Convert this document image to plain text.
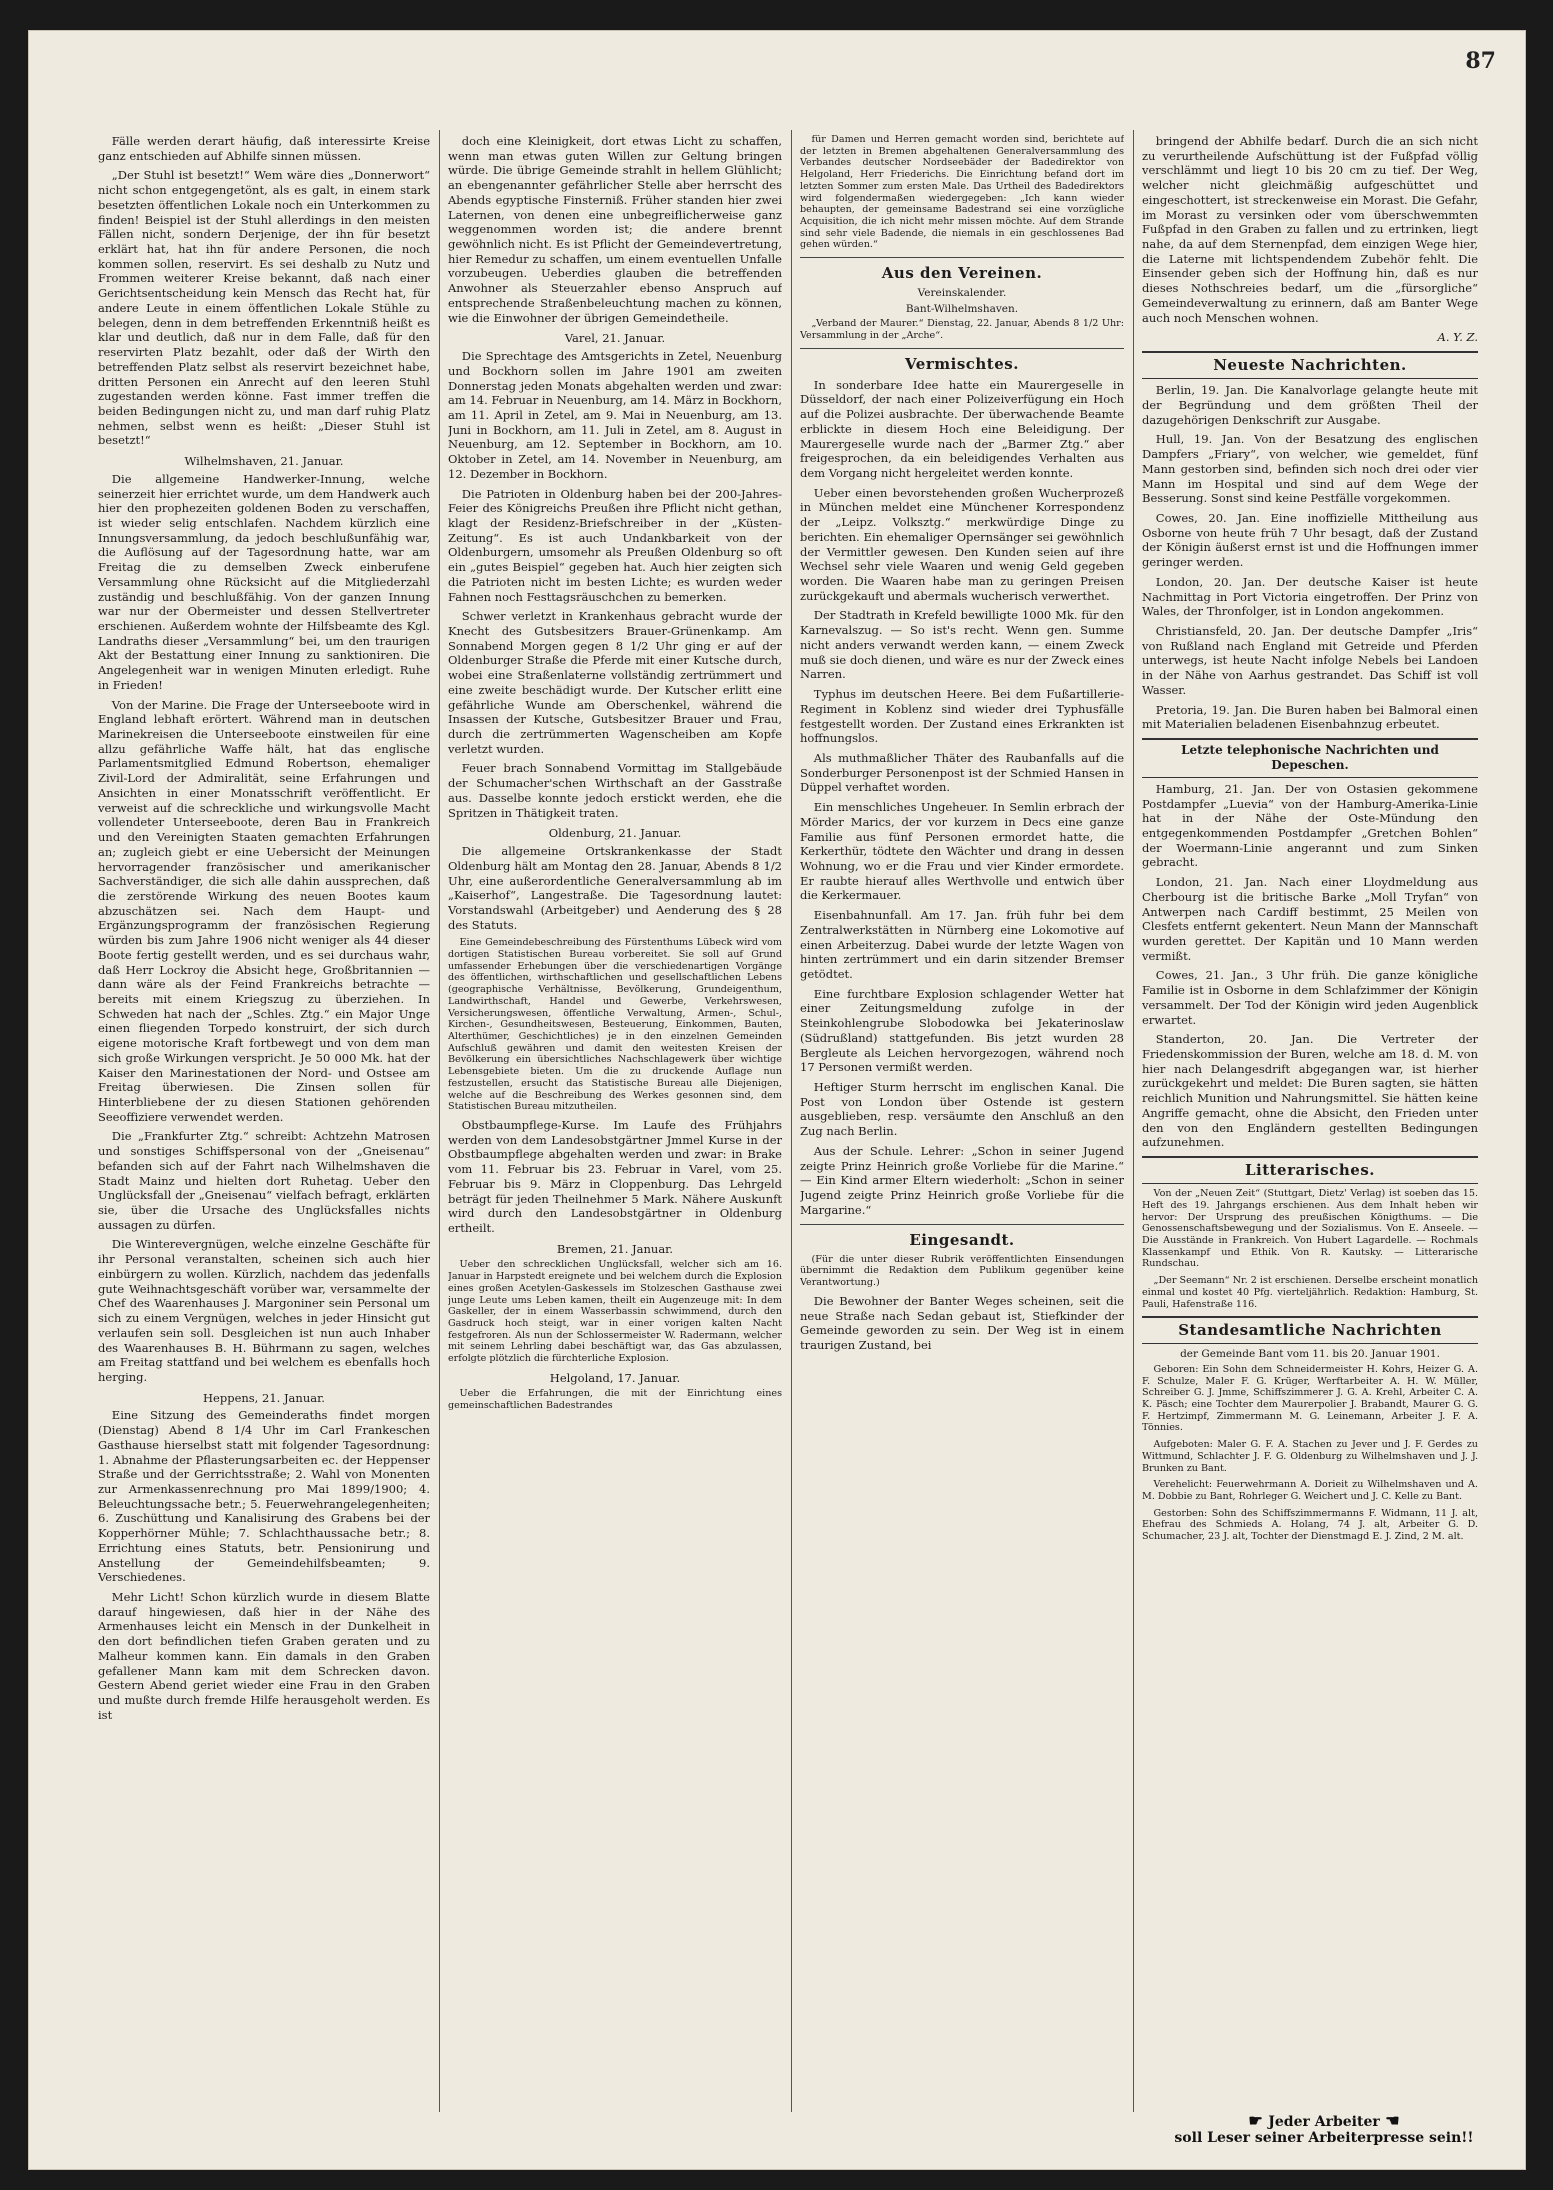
87

Fälle werden derart häufig, daß interessirte Kreise ganz entschieden auf Abhilfe sinnen müssen.

„Der Stuhl ist besetzt!“ Wem wäre dies „Donnerwort“ nicht schon entgegengetönt, als es galt, in einem stark besetzten öffentlichen Lokale noch ein Unterkommen zu finden! Beispiel ist der Stuhl allerdings in den meisten Fällen nicht, sondern Derjenige, der ihn für besetzt erklärt hat, hat ihn für andere Personen, die noch kommen sollen, reservirt. Es sei deshalb zu Nutz und Frommen weiterer Kreise bekannt, daß nach einer Gerichtsentscheidung kein Mensch das Recht hat, für andere Leute in einem öffentlichen Lokale Stühle zu belegen, denn in dem betreffenden Erkenntniß heißt es klar und deutlich, daß nur in dem Falle, daß für den reservirten Platz bezahlt, oder daß der Wirth den betreffenden Platz selbst als reservirt bezeichnet habe, dritten Personen ein Anrecht auf den leeren Stuhl zugestanden werden könne. Fast immer treffen die beiden Bedingungen nicht zu, und man darf ruhig Platz nehmen, selbst wenn es heißt: „Dieser Stuhl ist besetzt!“

Wilhelmshaven, 21. Januar.

Die allgemeine Handwerker-Innung, welche seinerzeit hier errichtet wurde, um dem Handwerk auch hier den prophezeiten goldenen Boden zu verschaffen, ist wieder selig entschlafen. Nachdem kürzlich eine Innungsversammlung, da jedoch beschlußunfähig war, die Auflösung auf der Tagesordnung hatte, war am Freitag die zu demselben Zweck einberufene Versammlung ohne Rücksicht auf die Mitgliederzahl zuständig und beschlußfähig. Von der ganzen Innung war nur der Obermeister und dessen Stellvertreter erschienen. Außerdem wohnte der Hilfsbeamte des Kgl. Landraths dieser „Versammlung“ bei, um den traurigen Akt der Bestattung einer Innung zu sanktioniren. Die Angelegenheit war in wenigen Minuten erledigt. Ruhe in Frieden!

Von der Marine. Die Frage der Unterseeboote wird in England lebhaft erörtert. Während man in deutschen Marinekreisen die Unterseeboote einstweilen für eine allzu gefährliche Waffe hält, hat das englische Parlamentsmitglied Edmund Robertson, ehemaliger Zivil-Lord der Admiralität, seine Erfahrungen und Ansichten in einer Monatsschrift veröffentlicht. Er verweist auf die schreckliche und wirkungsvolle Macht vollendeter Unterseeboote, deren Bau in Frankreich und den Vereinigten Staaten gemachten Erfahrungen an; zugleich giebt er eine Uebersicht der Meinungen hervorragender französischer und amerikanischer Sachverständiger, die sich alle dahin aussprechen, daß die zerstörende Wirkung des neuen Bootes kaum abzuschätzen sei. Nach dem Haupt- und Ergänzungsprogramm der französischen Regierung würden bis zum Jahre 1906 nicht weniger als 44 dieser Boote fertig gestellt werden, und es sei durchaus wahr, daß Herr Lockroy die Absicht hege, Großbritannien — dann wäre als der Feind Frankreichs betrachte — bereits mit einem Kriegszug zu überziehen. In Schweden hat nach der „Schles. Ztg.“ ein Major Unge einen fliegenden Torpedo konstruirt, der sich durch eigene motorische Kraft fortbewegt und von dem man sich große Wirkungen verspricht. Je 50 000 Mk. hat der Kaiser den Marinestationen der Nord- und Ostsee am Freitag überwiesen. Die Zinsen sollen für Hinterbliebene der zu diesen Stationen gehörenden Seeoffiziere verwendet werden.

Die „Frankfurter Ztg.“ schreibt: Achtzehn Matrosen und sonstiges Schiffspersonal von der „Gneisenau“ befanden sich auf der Fahrt nach Wilhelmshaven die Stadt Mainz und hielten dort Ruhetag. Ueber den Unglücksfall der „Gneisenau“ vielfach befragt, erklärten sie, über die Ursache des Unglücksfalles nichts aussagen zu dürfen.

Die Winterevergnügen, welche einzelne Geschäfte für ihr Personal veranstalten, scheinen sich auch hier einbürgern zu wollen. Kürzlich, nachdem das jedenfalls gute Weihnachtsgeschäft vorüber war, versammelte der Chef des Waarenhauses J. Margoniner sein Personal um sich zu einem Vergnügen, welches in jeder Hinsicht gut verlaufen sein soll. Desgleichen ist nun auch Inhaber des Waarenhauses B. H. Bührmann zu sagen, welches am Freitag stattfand und bei welchem es ebenfalls hoch herging.

Heppens, 21. Januar.

Eine Sitzung des Gemeinderaths findet morgen (Dienstag) Abend 8 1/4 Uhr im Carl Frankeschen Gasthause hierselbst statt mit folgender Tagesordnung: 1. Abnahme der Pflasterungsarbeiten ec. der Heppenser Straße und der Gerrichtsstraße; 2. Wahl von Monenten zur Armenkassenrechnung pro Mai 1899/1900; 4. Beleuchtungssache betr.; 5. Feuerwehrangelegenheiten; 6. Zuschüttung und Kanalisirung des Grabens bei der Kopperhörner Mühle; 7. Schlachthaussache betr.; 8. Errichtung eines Statuts, betr. Pensionirung und Anstellung der Gemeindehilfsbeamten; 9. Verschiedenes.

Mehr Licht! Schon kürzlich wurde in diesem Blatte darauf hingewiesen, daß hier in der Nähe des Armenhauses leicht ein Mensch in der Dunkelheit in den dort befindlichen tiefen Graben geraten und zu Malheur kommen kann. Ein damals in den Graben gefallener Mann kam mit dem Schrecken davon. Gestern Abend geriet wieder eine Frau in den Graben und mußte durch fremde Hilfe herausgeholt werden. Es ist

doch eine Kleinigkeit, dort etwas Licht zu schaffen, wenn man etwas guten Willen zur Geltung bringen würde. Die übrige Gemeinde strahlt in hellem Glühlicht; an ebengenannter gefährlicher Stelle aber herrscht des Abends egyptische Finsterniß. Früher standen hier zwei Laternen, von denen eine unbegreiflicherweise ganz weggenommen worden ist; die andere brennt gewöhnlich nicht. Es ist Pflicht der Gemeindevertretung, hier Remedur zu schaffen, um einem eventuellen Unfalle vorzubeugen. Ueberdies glauben die betreffenden Anwohner als Steuerzahler ebenso Anspruch auf entsprechende Straßenbeleuchtung machen zu können, wie die Einwohner der übrigen Gemeindetheile.

Varel, 21. Januar.

Die Sprechtage des Amtsgerichts in Zetel, Neuenburg und Bockhorn sollen im Jahre 1901 am zweiten Donnerstag jeden Monats abgehalten werden und zwar: am 14. Februar in Neuenburg, am 14. März in Bockhorn, am 11. April in Zetel, am 9. Mai in Neuenburg, am 13. Juni in Bockhorn, am 11. Juli in Zetel, am 8. August in Neuenburg, am 12. September in Bockhorn, am 10. Oktober in Zetel, am 14. November in Neuenburg, am 12. Dezember in Bockhorn.

Die Patrioten in Oldenburg haben bei der 200-Jahres-Feier des Königreichs Preußen ihre Pflicht nicht gethan, klagt der Residenz-Briefschreiber in der „Küsten-Zeitung“. Es ist auch Undankbarkeit von der Oldenburgern, umsomehr als Preußen Oldenburg so oft ein „gutes Beispiel“ gegeben hat. Auch hier zeigten sich die Patrioten nicht im besten Lichte; es wurden weder Fahnen noch Festtagsräuschchen zu bemerken.

Schwer verletzt in Krankenhaus gebracht wurde der Knecht des Gutsbesitzers Brauer-Grünenkamp. Am Sonnabend Morgen gegen 8 1/2 Uhr ging er auf der Oldenburger Straße die Pferde mit einer Kutsche durch, wobei eine Straßenlaterne vollständig zertrümmert und eine zweite beschädigt wurde. Der Kutscher erlitt eine gefährliche Wunde am Oberschenkel, während die Insassen der Kutsche, Gutsbesitzer Brauer und Frau, durch die zertrümmerten Wagenscheiben am Kopfe verletzt wurden.

Feuer brach Sonnabend Vormittag im Stallgebäude der Schumacher'schen Wirthschaft an der Gasstraße aus. Dasselbe konnte jedoch erstickt werden, ehe die Spritzen in Thätigkeit traten.

Oldenburg, 21. Januar.

Die allgemeine Ortskrankenkasse der Stadt Oldenburg hält am Montag den 28. Januar, Abends 8 1/2 Uhr, eine außerordentliche Generalversammlung ab im „Kaiserhof“, Langestraße. Die Tagesordnung lautet: Vorstandswahl (Arbeitgeber) und Aenderung des § 28 des Statuts.

Eine Gemeindebeschreibung des Fürstenthums Lübeck wird vom dortigen Statistischen Bureau vorbereitet. Sie soll auf Grund umfassender Erhebungen über die verschiedenartigen Vorgänge des öffentlichen, wirthschaftlichen und gesellschaftlichen Lebens (geographische Verhältnisse, Bevölkerung, Grundeigenthum, Landwirthschaft, Handel und Gewerbe, Verkehrswesen, Versicherungswesen, öffentliche Verwaltung, Armen-, Schul-, Kirchen-, Gesundheitswesen, Besteuerung, Einkommen, Bauten, Alterthümer, Geschichtliches) je in den einzelnen Gemeinden Aufschluß gewähren und damit den weitesten Kreisen der Bevölkerung ein übersichtliches Nachschlagewerk über wichtige Lebensgebiete bieten. Um die zu druckende Auflage nun festzustellen, ersucht das Statistische Bureau alle Diejenigen, welche auf die Beschreibung des Werkes gesonnen sind, dem Statistischen Bureau mitzutheilen.

Obstbaumpflege-Kurse. Im Laufe des Frühjahrs werden von dem Landesobstgärtner Jmmel Kurse in der Obstbaumpflege abgehalten werden und zwar: in Brake vom 11. Februar bis 23. Februar in Varel, vom 25. Februar bis 9. März in Cloppenburg. Das Lehrgeld beträgt für jeden Theilnehmer 5 Mark. Nähere Auskunft wird durch den Landesobstgärtner in Oldenburg ertheilt.

Bremen, 21. Januar.

Ueber den schrecklichen Unglücksfall, welcher sich am 16. Januar in Harpstedt ereignete und bei welchem durch die Explosion eines großen Acetylen-Gaskessels im Stolzeschen Gasthause zwei junge Leute ums Leben kamen, theilt ein Augenzeuge mit: In dem Gaskeller, der in einem Wasserbassin schwimmend, durch den Gasdruck hoch steigt, war in einer vorigen kalten Nacht festgefroren. Als nun der Schlossermeister W. Radermann, welcher mit seinem Lehrling dabei beschäftigt war, das Gas abzulassen, erfolgte plötzlich die fürchterliche Explosion.

Helgoland, 17. Januar.

Ueber die Erfahrungen, die mit der Einrichtung eines gemeinschaftlichen Badestrandes

für Damen und Herren gemacht worden sind, berichtete auf der letzten in Bremen abgehaltenen Generalversammlung des Verbandes deutscher Nordseebäder der Badedirektor von Helgoland, Herr Friederichs. Die Einrichtung befand dort im letzten Sommer zum ersten Male. Das Urtheil des Badedirektors wird folgendermaßen wiedergegeben: „Ich kann wieder behaupten, der gemeinsame Badestrand sei eine vorzügliche Acquisition, die ich nicht mehr missen möchte. Auf dem Strande sind sehr viele Badende, die niemals in ein geschlossenes Bad gehen würden.“

Aus den Vereinen.
Vereinskalender.
Bant-Wilhelmshaven.

„Verband der Maurer.“ Dienstag, 22. Januar, Abends 8 1/2 Uhr: Versammlung in der „Arche“.

Vermischtes.

In sonderbare Idee hatte ein Maurergeselle in Düsseldorf, der nach einer Polizeiverfügung ein Hoch auf die Polizei ausbrachte. Der überwachende Beamte erblickte in diesem Hoch eine Beleidigung. Der Maurergeselle wurde nach der „Barmer Ztg.“ aber freigesprochen, da ein beleidigendes Verhalten aus dem Vorgang nicht hergeleitet werden konnte.

Ueber einen bevorstehenden großen Wucherprozeß in München meldet eine Münchener Korrespondenz der „Leipz. Volksztg.“ merkwürdige Dinge zu berichten. Ein ehemaliger Opernsänger sei gewöhnlich der Vermittler gewesen. Den Kunden seien auf ihre Wechsel sehr viele Waaren und wenig Geld gegeben worden. Die Waaren habe man zu geringen Preisen zurückgekauft und abermals wucherisch verwerthet.

Der Stadtrath in Krefeld bewilligte 1000 Mk. für den Karnevalszug. — So ist's recht. Wenn gen. Summe nicht anders verwandt werden kann, — einem Zweck muß sie doch dienen, und wäre es nur der Zweck eines Narren.

Typhus im deutschen Heere. Bei dem Fußartillerie-Regiment in Koblenz sind wieder drei Typhusfälle festgestellt worden. Der Zustand eines Erkrankten ist hoffnungslos.

Als muthmaßlicher Thäter des Raubanfalls auf die Sonderburger Personenpost ist der Schmied Hansen in Düppel verhaftet worden.

Ein menschliches Ungeheuer. In Semlin erbrach der Mörder Marics, der vor kurzem in Decs eine ganze Familie aus fünf Personen ermordet hatte, die Kerkerthür, tödtete den Wächter und drang in dessen Wohnung, wo er die Frau und vier Kinder ermordete. Er raubte hierauf alles Werthvolle und entwich über die Kerkermauer.

Eisenbahnunfall. Am 17. Jan. früh fuhr bei dem Zentralwerkstätten in Nürnberg eine Lokomotive auf einen Arbeiterzug. Dabei wurde der letzte Wagen von hinten zertrümmert und ein darin sitzender Bremser getödtet.

Eine furchtbare Explosion schlagender Wetter hat einer Zeitungsmeldung zufolge in der Steinkohlengrube Slobodowka bei Jekaterinoslaw (Südrußland) stattgefunden. Bis jetzt wurden 28 Bergleute als Leichen hervorgezogen, während noch 17 Personen vermißt werden.

Heftiger Sturm herrscht im englischen Kanal. Die Post von London über Ostende ist gestern ausgeblieben, resp. versäumte den Anschluß an den Zug nach Berlin.

Aus der Schule. Lehrer: „Schon in seiner Jugend zeigte Prinz Heinrich große Vorliebe für die Marine.“ — Ein Kind armer Eltern wiederholt: „Schon in seiner Jugend zeigte Prinz Heinrich große Vorliebe für die Margarine.“

Eingesandt.

(Für die unter dieser Rubrik veröffentlichten Einsendungen übernimmt die Redaktion dem Publikum gegenüber keine Verantwortung.)

Die Bewohner der Banter Weges scheinen, seit die neue Straße nach Sedan gebaut ist, Stiefkinder der Gemeinde geworden zu sein. Der Weg ist in einem traurigen Zustand, bei

bringend der Abhilfe bedarf. Durch die an sich nicht zu verurtheilende Aufschüttung ist der Fußpfad völlig verschlämmt und liegt 10 bis 20 cm zu tief. Der Weg, welcher nicht gleichmäßig aufgeschüttet und eingeschottert, ist streckenweise ein Morast. Die Gefahr, im Morast zu versinken oder vom überschwemmten Fußpfad in den Graben zu fallen und zu ertrinken, liegt nahe, da auf dem Sternenpfad, dem einzigen Wege hier, die Laterne mit lichtspendendem Zubehör fehlt. Die Einsender geben sich der Hoffnung hin, daß es nur dieses Nothschreies bedarf, um die „fürsorgliche“ Gemeindeverwaltung zu erinnern, daß am Banter Wege auch noch Menschen wohnen.

A. Y. Z.
Neueste Nachrichten.

Berlin, 19. Jan. Die Kanalvorlage gelangte heute mit der Begründung und dem größten Theil der dazugehörigen Denkschrift zur Ausgabe.

Hull, 19. Jan. Von der Besatzung des englischen Dampfers „Friary“, von welcher, wie gemeldet, fünf Mann gestorben sind, befinden sich noch drei oder vier Mann im Hospital und sind auf dem Wege der Besserung. Sonst sind keine Pestfälle vorgekommen.

Cowes, 20. Jan. Eine inoffizielle Mittheilung aus Osborne von heute früh 7 Uhr besagt, daß der Zustand der Königin äußerst ernst ist und die Hoffnungen immer geringer werden.

London, 20. Jan. Der deutsche Kaiser ist heute Nachmittag in Port Victoria eingetroffen. Der Prinz von Wales, der Thronfolger, ist in London angekommen.

Christiansfeld, 20. Jan. Der deutsche Dampfer „Iris“ von Rußland nach England mit Getreide und Pferden unterwegs, ist heute Nacht infolge Nebels bei Landoen in der Nähe von Aarhus gestrandet. Das Schiff ist voll Wasser.

Pretoria, 19. Jan. Die Buren haben bei Balmoral einen mit Materialien beladenen Eisenbahnzug erbeutet.

Letzte telephonische Nachrichten und Depeschen.

Hamburg, 21. Jan. Der von Ostasien gekommene Postdampfer „Luevia“ von der Hamburg-Amerika-Linie hat in der Nähe der Oste-Mündung den entgegenkommenden Postdampfer „Gretchen Bohlen“ der Woermann-Linie angerannt und zum Sinken gebracht.

London, 21. Jan. Nach einer Lloydmeldung aus Cherbourg ist die britische Barke „Moll Tryfan“ von Antwerpen nach Cardiff bestimmt, 25 Meilen von Clesfets entfernt gekentert. Neun Mann der Mannschaft wurden gerettet. Der Kapitän und 10 Mann werden vermißt.

Cowes, 21. Jan., 3 Uhr früh. Die ganze königliche Familie ist in Osborne in dem Schlafzimmer der Königin versammelt. Der Tod der Königin wird jeden Augenblick erwartet.

Standerton, 20. Jan. Die Vertreter der Friedenskommission der Buren, welche am 18. d. M. von hier nach Delangesdrift abgegangen war, ist hierher zurückgekehrt und meldet: Die Buren sagten, sie hätten reichlich Munition und Nahrungsmittel. Sie hätten keine Angriffe gemacht, ohne die Absicht, den Frieden unter den von den Engländern gestellten Bedingungen aufzunehmen.

Litterarisches.

Von der „Neuen Zeit“ (Stuttgart, Dietz' Verlag) ist soeben das 15. Heft des 19. Jahrgangs erschienen. Aus dem Inhalt heben wir hervor: Der Ursprung des preußischen Königthums. — Die Genossenschaftsbewegung und der Sozialismus. Von E. Anseele. — Die Ausstände in Frankreich. Von Hubert Lagardelle. — Rochmals Klassenkampf und Ethik. Von R. Kautsky. — Litterarische Rundschau.

„Der Seemann“ Nr. 2 ist erschienen. Derselbe erscheint monatlich einmal und kostet 40 Pfg. vierteljährlich. Redaktion: Hamburg, St. Pauli, Hafenstraße 116.

Standesamtliche Nachrichten
der Gemeinde Bant vom 11. bis 20. Januar 1901.

Geboren: Ein Sohn dem Schneidermeister H. Kohrs, Heizer G. A. F. Schulze, Maler F. G. Krüger, Werftarbeiter A. H. W. Müller, Schreiber G. J. Jmme, Schiffszimmerer J. G. A. Krehl, Arbeiter C. A. K. Päsch; eine Tochter dem Maurerpolier J. Brabandt, Maurer G. G. F. Hertzimpf, Zimmermann M. G. Leinemann, Arbeiter J. F. A. Tönnies.

Aufgeboten: Maler G. F. A. Stachen zu Jever und J. F. Gerdes zu Wittmund, Schlachter J. F. G. Oldenburg zu Wilhelmshaven und J. J. Brunken zu Bant.

Verehelicht: Feuerwehrmann A. Dorieit zu Wilhelmshaven und A. M. Dobbie zu Bant, Rohrleger G. Weichert und J. C. Kelle zu Bant.

Gestorben: Sohn des Schiffszimmermanns F. Widmann, 11 J. alt, Ehefrau des Schmieds A. Holang, 74 J. alt, Arbeiter G. D. Schumacher, 23 J. alt, Tochter der Dienstmagd E. J. Zind, 2 M. alt.

☛ Jeder Arbeiter ☚
soll Leser seiner Arbeiterpresse sein!!
